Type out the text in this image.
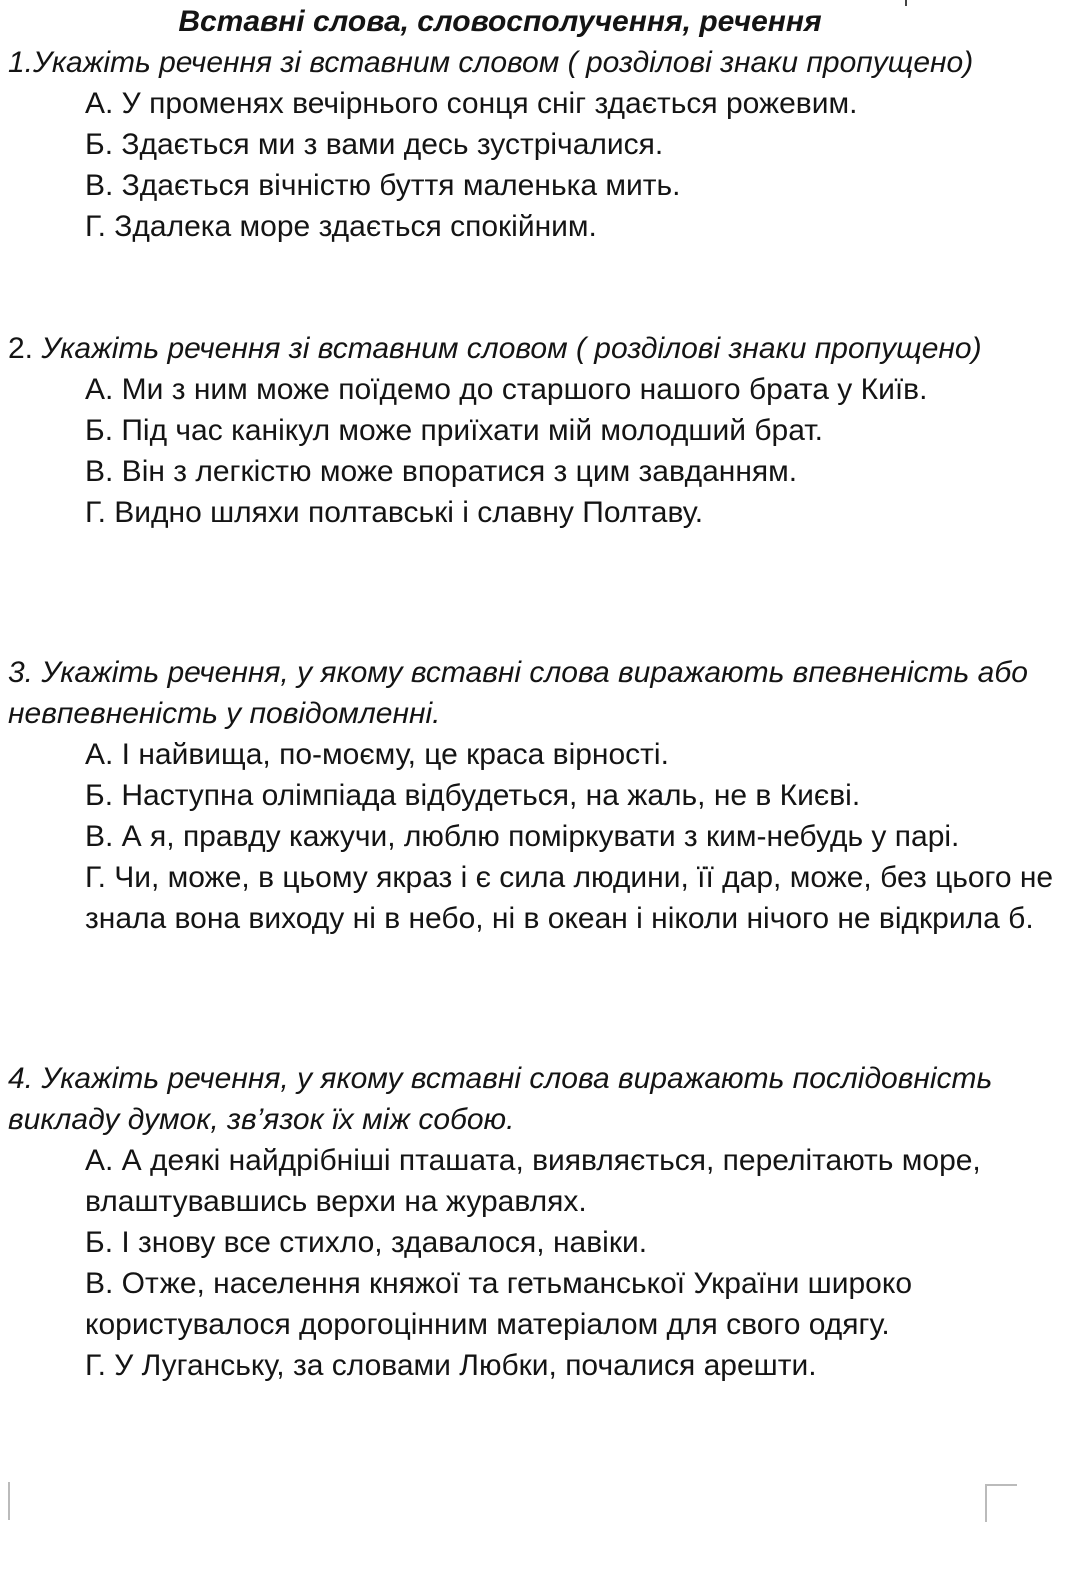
Вставні слова, словосполучення, речення

1.Укажіть речення зі вставним словом ( розділові знаки пропущено)

А. У променях вечірнього сонця сніг здається рожевим.

Б. Здається ми з вами десь зустрічалися.

В. Здається вічністю буття маленька мить.

Г. Здалека море здається спокійним.

2. Укажіть речення зі вставним словом ( розділові знаки пропущено)

А. Ми з ним може поїдемо до старшого нашого брата у Київ.

Б. Під час канікул може приїхати мій молодший брат.

В. Він з легкістю може впоратися з цим завданням.

Г. Видно шляхи полтавські і славну Полтаву.

3. Укажіть речення, у якому вставні слова виражають впевненість або невпевненість у повідомленні.

А. І найвища, по-моєму, це краса вірності.

Б. Наступна олімпіада відбудеться, на жаль, не в Києві.

В. А я, правду кажучи, люблю поміркувати з ким-небудь у парі.

Г. Чи, може, в цьому якраз і є сила людини, її дар, може, без цього не знала вона виходу ні в небо, ні в океан і ніколи нічого не відкрила б.

4. Укажіть речення, у якому вставні слова виражають послідовність викладу думок, зв’язок їх між собою.

А. А деякі найдрібніші пташата, виявляється, перелітають море, влаштувавшись верхи на журавлях.

Б. І знову все стихло, здавалося, навіки.

В. Отже, населення княжої та гетьманської України широко користувалося дорогоцінним матеріалом для свого одягу.

Г. У Луганську, за словами Любки, почалися арешти.
